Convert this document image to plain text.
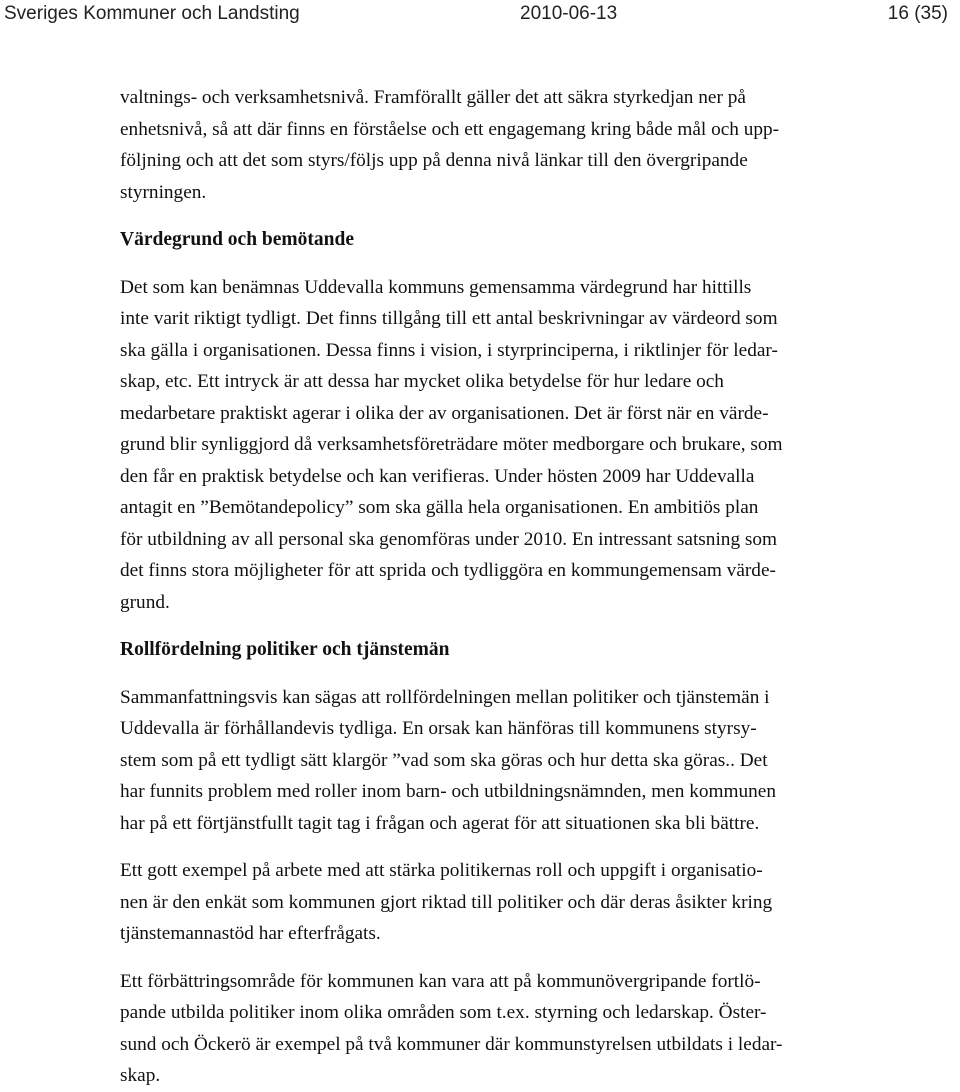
Sveriges Kommuner och Landsting	2010-06-13	16 (35)

valtnings- och verksamhetsnivå. Framförallt gäller det att säkra styrkedjan ner på
enhetsnivå, så att där finns en förståelse och ett engagemang kring både mål och upp-
följning och att det som styrs/följs upp på denna nivå länkar till den övergripande
styrningen.

Värdegrund och bemötande

Det som kan benämnas Uddevalla kommuns gemensamma värdegrund har hittills
inte varit riktigt tydligt. Det finns tillgång till ett antal beskrivningar av värdeord som
ska gälla i organisationen. Dessa finns i vision, i styrprinciperna, i riktlinjer för ledar-
skap, etc. Ett intryck är att dessa har mycket olika betydelse för hur ledare och
medarbetare praktiskt agerar i olika der av organisationen. Det är först när en värde-
grund blir synliggjord då verksamhetsföreträdare möter medborgare och brukare, som
den får en praktisk betydelse och kan verifieras. Under hösten 2009 har Uddevalla
antagit en ”Bemötandepolicy” som ska gälla hela organisationen. En ambitiös plan
för utbildning av all personal ska genomföras under 2010. En intressant satsning som
det finns stora möjligheter för att sprida och tydliggöra en kommungemensam värde-
grund.

Rollfördelning politiker och tjänstemän

Sammanfattningsvis kan sägas att rollfördelningen mellan politiker och tjänstemän i
Uddevalla är förhållandevis tydliga. En orsak kan hänföras till kommunens styrsy-
stem som på ett tydligt sätt klargör ”vad som ska göras och hur detta ska göras.. Det
har funnits problem med roller inom barn- och utbildningsnämnden, men kommunen
har på ett förtjänstfullt tagit tag i frågan och agerat för att situationen ska bli bättre.

Ett gott exempel på arbete med att stärka politikernas roll och uppgift i organisatio-
nen är den enkät som kommunen gjort riktad till politiker och där deras åsikter kring
tjänstemannastöd har efterfrågats.

Ett förbättringsområde för kommunen kan vara att på kommunövergripande fortlö-
pande utbilda politiker inom olika områden som t.ex. styrning och ledarskap. Öster-
sund och Öckerö är exempel på två kommuner där kommunstyrelsen utbildats i ledar-
skap.
